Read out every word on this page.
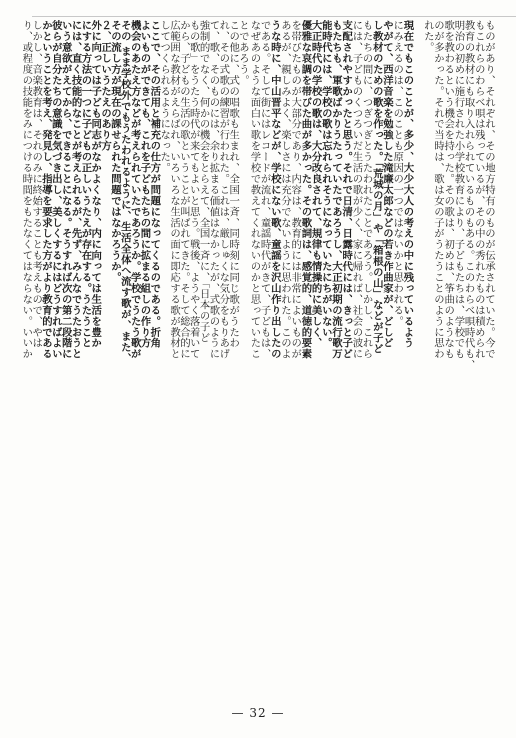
ものがあり、それぞれ、その地方特有のものが伝承されていた。今で
もこれらのわらべ唄は残っているが、その中の秀れたものは積められ
教育の教材にも取り入れられているものもある。このわらべ唄時代も、
明治の初めに施行された小学校教育により、子どもたちは、学校でも
歌を教わるという機会を持った。その歌は、初めは、筝曲のようなも
のが多かった。それで当時は、歌は女の子がうたうことのように思わ
れた。
現在でもこのことが、多少、大少大人の考えの中に残っているよう
にみえるのは、このことも原因の一つではないかと思われる。
やがて、西洋音楽を勉強した滝廉太郎などの若き作曲家が、どしど
し教材のための歌を作った。「荒城の月」や「箱根の山」などが子ど
もたちの間に、つぎつぎとうたわれたことであろう。しかし、これら
には、子どものくつろいだ生活の歌が少く、家に帰れば、社会の波に
支配されやすかったと思う。それで日清、日露時代には、きっと子ど
もたちも、軍歌ばかりうたっていたであろうし、大正初期の流行歌万
能時代には、学校の歌は忘れられそうになっていたにちがいない。
大正時代の学校の歌は、大分改良されて、規律も情操的に美しく、
優雅な哀調を帯びた曲が多かった。その歌詞は、感覚的、道徳的要素
を帯びたものが大部分であり、内容は、教育的には非常によいものが
あるが、親しみよく、楽しさには充分でないように思われた。このよ
うな時に、中山晋平などが、学校にない歌、童謡を沢山作り出したの
である。そして街にはレコードが流れ、童謡時代がきて、子どもは、
なぜあのような面白い歌を学校で教えてくれないのかと思っていたこ
とであろう。
この他に、式の唱歌も生まれ、全国一斉、同時刻に同じ歌がうたわ
れ、その式歌の練習が行われた。これは、厳しゅくな気分をもりあげ
て、歌、そのものには、余り拡まる価値はなかったが、式歌のように
強制的でなく、何かの機会をとらえて、全国一斉に、「日本の子ど
もの歌」をうたう時代が来てもよいと思う。戦後、ようやく落着いて
から、子どもの生活の歌ということが叫ばれてきた。そして総合的に
広範囲な教材がえらばれ、いろいろな生活の面に即応する歌が教材と
してつくられるようになった。
ここで、その活用と補充の仕方が問題になってくるのである。折角
よいものができても、これを子どもたちの間に拡まる組しの作り方
機会のあたえ方などが考えられていたであろうか。学校でうたう歌が
その まま学校外でもうたわれるように、生活全体へ流す歌が、また、
その流し方が現在の課せられた問題ではなかろうか。
２、正しいうたえのあり方
外に向っては子ども同志がなかよくなり、内に向っては生活を豊か
にする方法の一つに子どもの正しいうたえが存在する。うたうこと
には、直く技能的なことが考えられるが、先ず、みんなでうたおうと
いう意欲がえてから、できることになる。そうすれば次の第二段階に
彼らが自分たちの意識を気づき出し、美しくするにはどうすればよい
かということを考え、発見し、指導を要求した方がより教育的である
しかし、音楽教育は、それのみに終始することも考えもので、やは
り、或程度の技能をみにつける時間をもたなくてはならない。いいか
— 32 —
